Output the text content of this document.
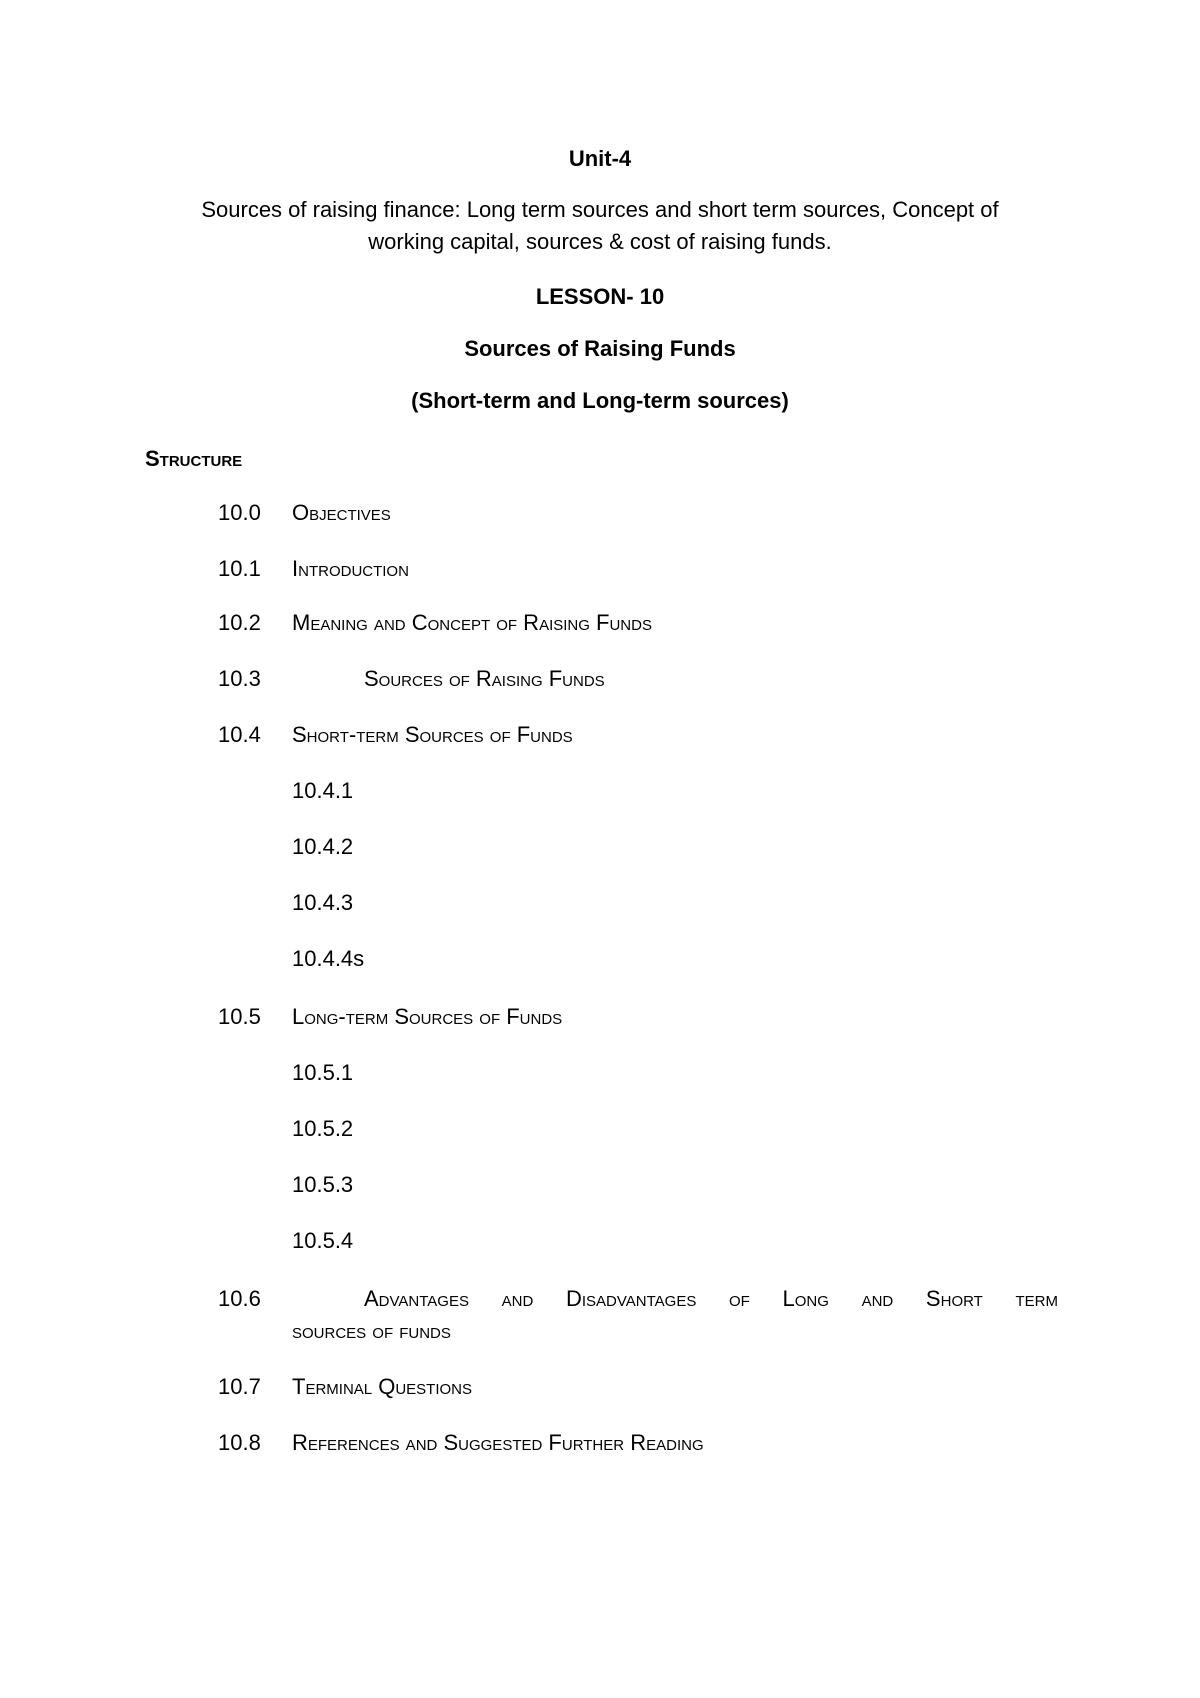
Unit-4
Sources of raising finance: Long term sources and short term sources, Concept of
working capital, sources & cost of raising funds.
LESSON- 10
Sources of Raising Funds
(Short-term and Long-term sources)
Structure
10.0 Objectives
10.1 Introduction
10.2 Meaning and Concept of Raising Funds
10.3	Sources of Raising Funds
10.4 Short-term Sources of Funds
10.4.1
10.4.2
10.4.3
10.4.4s
10.5 Long-term Sources of Funds
10.5.1
10.5.2
10.5.3
10.5.4
10.6	Advantages and Disadvantages of Long and Short term
sources of funds
10.7 Terminal Questions
10.8 References and Suggested Further Reading
